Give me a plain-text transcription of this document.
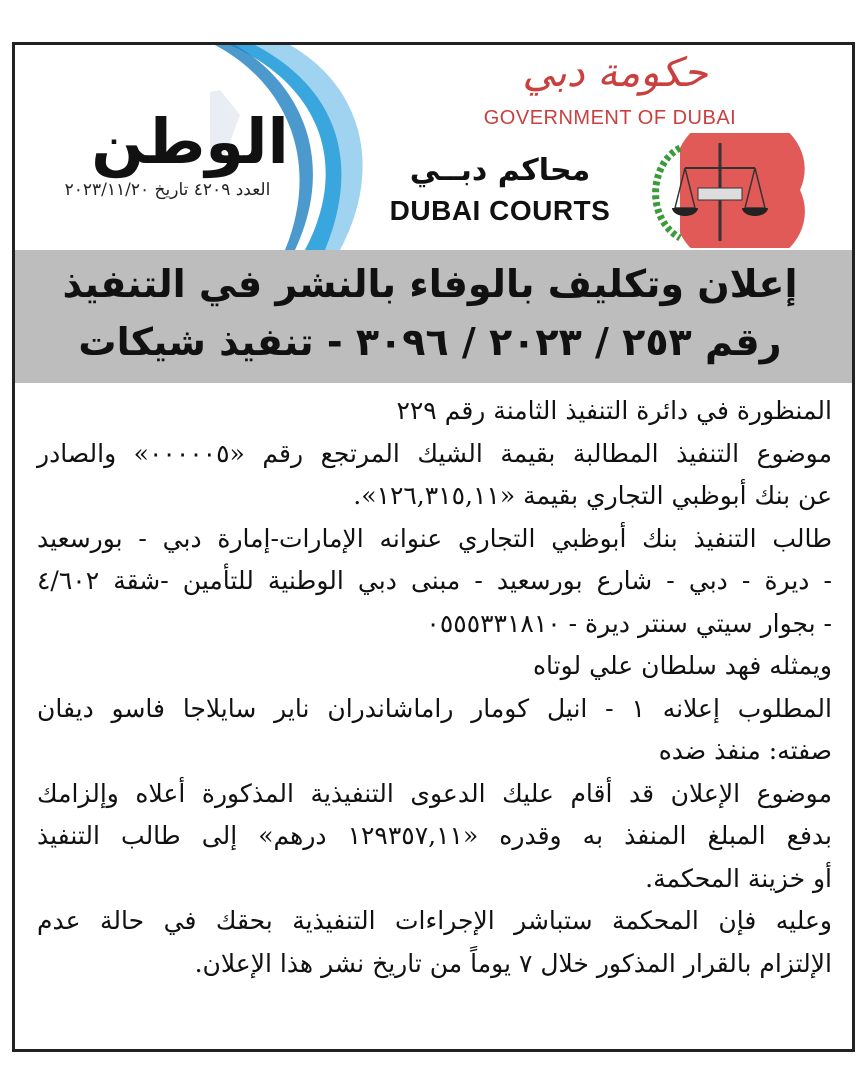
الوطن
العدد ٤٢٠٩ تاريخ ٢٠٢٣/١١/٢٠
حكومة دبي
GOVERNMENT OF DUBAI
محاكم دبــي
DUBAI COURTS
إعلان وتكليف بالوفاء بالنشر في التنفيذ
رقم ٢٥٣ / ٢٠٢٣ / ٣٠٩٦ - تنفيذ شيكات
المنظورة في دائرة التنفيذ الثامنة رقم ٢٢٩
موضوع التنفيذ المطالبة بقيمة الشيك المرتجع رقم «٠٠٠٠٠٥» والصادر
عن بنك أبوظبي التجاري بقيمة «١٢٦,٣١٥,١١».
طالب التنفيذ بنك أبوظبي التجاري عنوانه الإمارات-إمارة دبي - بورسعيد
- ديرة - دبي - شارع بورسعيد - مبنى دبي الوطنية للتأمين -شقة ٤/٦٠٢
- بجوار سيتي سنتر ديرة - ٠٥٥٥٣٣١٨١٠
ويمثله فهد سلطان علي لوتاه
المطلوب إعلانه ١ - انيل كومار راماشاندران ناير سايلاجا فاسو ديفان
صفته: منفذ ضده
موضوع الإعلان قد أقام عليك الدعوى التنفيذية المذكورة أعلاه وإلزامك
بدفع المبلغ المنفذ به وقدره «١٢٩٣٥٧,١١ درهم» إلى طالب التنفيذ
أو خزينة المحكمة.
وعليه فإن المحكمة ستباشر الإجراءات التنفيذية بحقك في حالة عدم
الإلتزام بالقرار المذكور خلال ٧ يوماً من تاريخ نشر هذا الإعلان.
